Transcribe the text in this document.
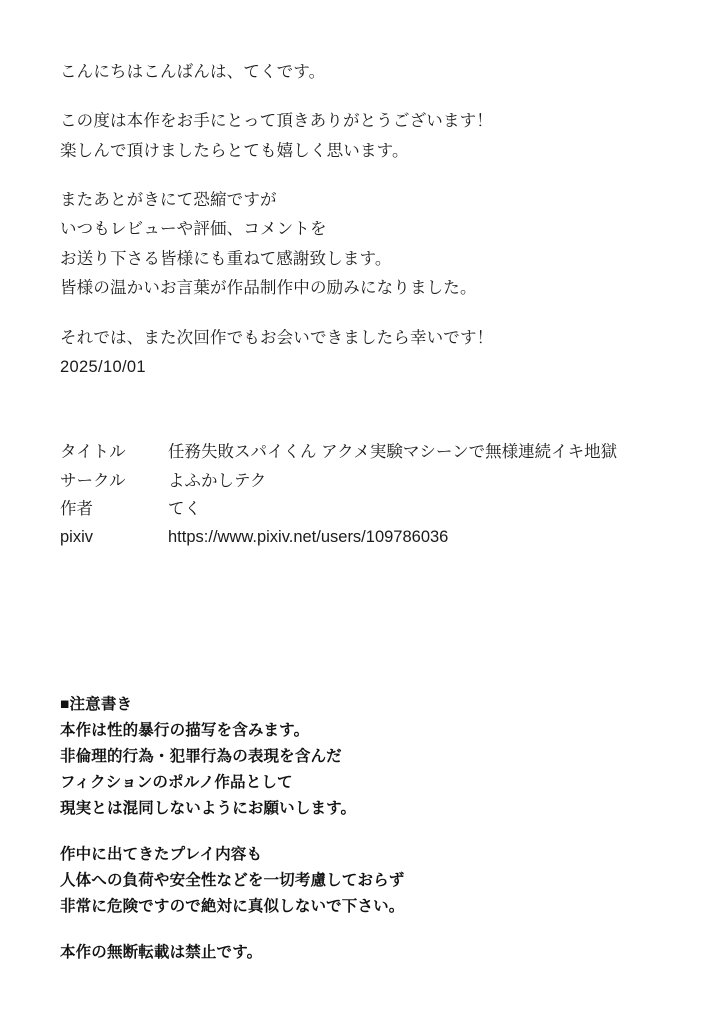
こんにちはこんばんは、てくです。
この度は本作をお手にとって頂きありがとうございます！
楽しんで頂けましたらとても嬉しく思います。
またあとがきにて恐縮ですが
いつもレビューや評価、コメントを
お送り下さる皆様にも重ねて感謝致します。
皆様の温かいお言葉が作品制作中の励みになりました。
それでは、また次回作でもお会いできましたら幸いです！
2025/10/01
タイトル	任務失敗スパイくん アクメ実験マシーンで無様連続イキ地獄
サークル	よふかしテク
作者	てく
pixiv	https://www.pixiv.net/users/109786036
■注意書き
本作は性的暴行の描写を含みます。
非倫理的行為・犯罪行為の表現を含んだ
フィクションのポルノ作品として
現実とは混同しないようにお願いします。
作中に出てきたプレイ内容も
人体への負荷や安全性などを一切考慮しておらず
非常に危険ですので絶対に真似しないで下さい。
本作の無断転載は禁止です。
